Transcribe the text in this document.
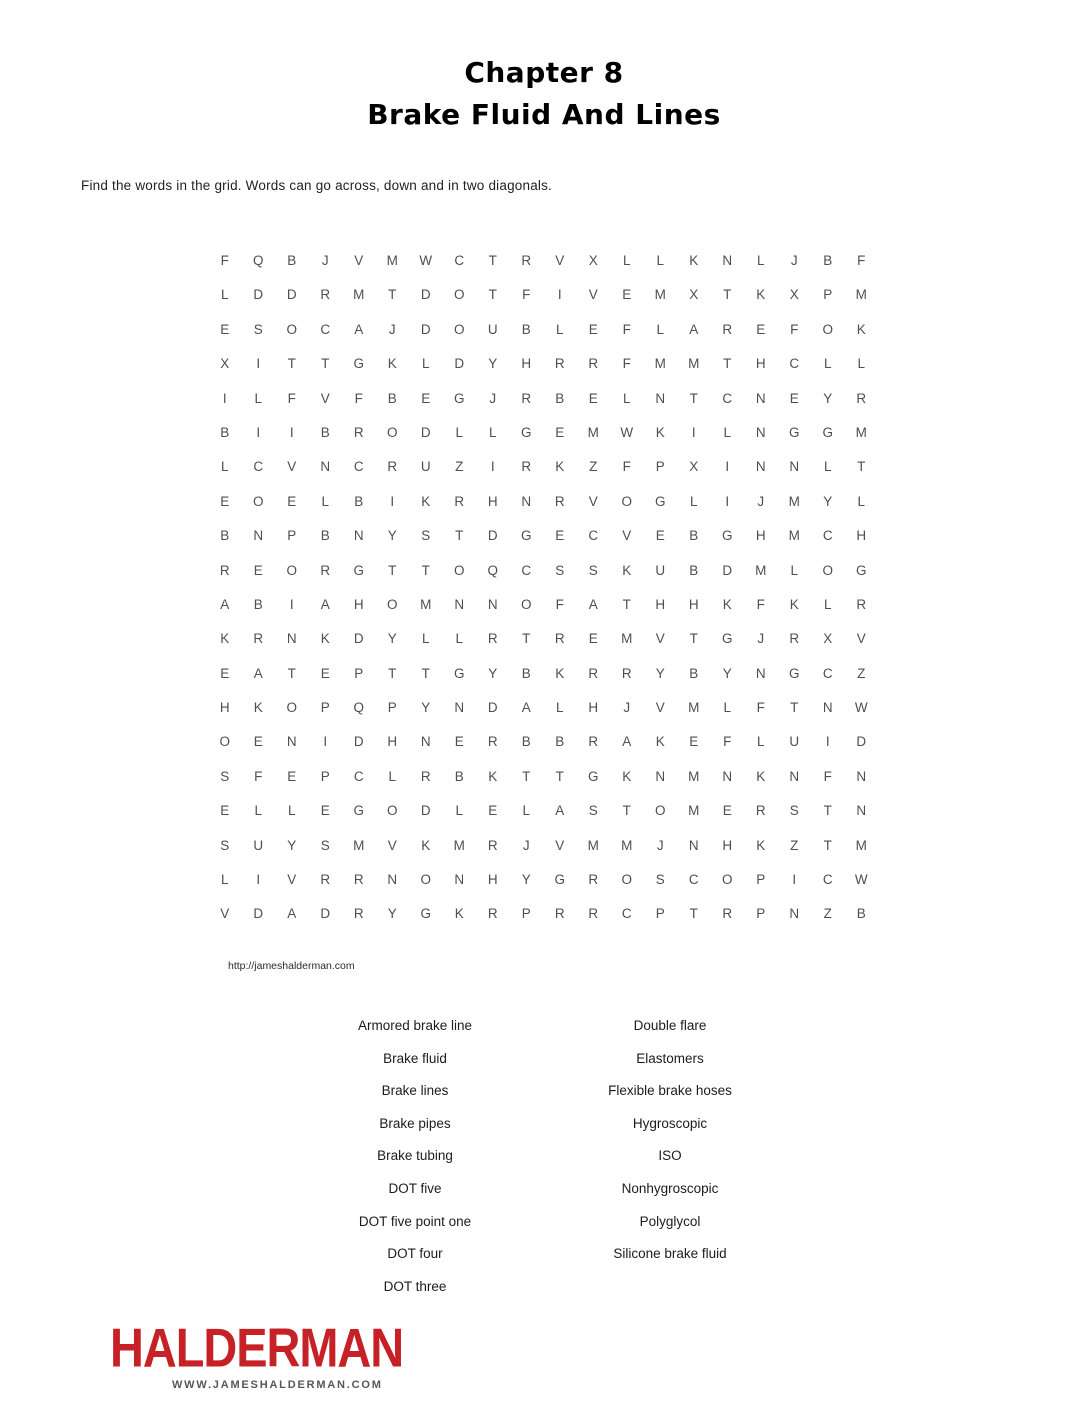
Chapter 8
Brake Fluid And Lines
Find the words in the grid. Words can go across, down and in two diagonals.
F	Q	B	J	V	M	W	C	T	R	V	X	L	L	K	N	L	J	B	F
L	D	D	R	M	T	D	O	T	F	I	V	E	M	X	T	K	X	P	M
E	S	O	C	A	J	D	O	U	B	L	E	F	L	A	R	E	F	O	K
X	I	T	T	G	K	L	D	Y	H	R	R	F	M	M	T	H	C	L	L
I	L	F	V	F	B	E	G	J	R	B	E	L	N	T	C	N	E	Y	R
B	I	I	B	R	O	D	L	L	G	E	M	W	K	I	L	N	G	G	M
L	C	V	N	C	R	U	Z	I	R	K	Z	F	P	X	I	N	N	L	T
E	O	E	L	B	I	K	R	H	N	R	V	O	G	L	I	J	M	Y	L
B	N	P	B	N	Y	S	T	D	G	E	C	V	E	B	G	H	M	C	H
R	E	O	R	G	T	T	O	Q	C	S	S	K	U	B	D	M	L	O	G
A	B	I	A	H	O	M	N	N	O	F	A	T	H	H	K	F	K	L	R
K	R	N	K	D	Y	L	L	R	T	R	E	M	V	T	G	J	R	X	V
E	A	T	E	P	T	T	G	Y	B	K	R	R	Y	B	Y	N	G	C	Z
H	K	O	P	Q	P	Y	N	D	A	L	H	J	V	M	L	F	T	N	W
O	E	N	I	D	H	N	E	R	B	B	R	A	K	E	F	L	U	I	D
S	F	E	P	C	L	R	B	K	T	T	G	K	N	M	N	K	N	F	N
E	L	L	E	G	O	D	L	E	L	A	S	T	O	M	E	R	S	T	N
S	U	Y	S	M	V	K	M	R	J	V	M	M	J	N	H	K	Z	T	M
L	I	V	R	R	N	O	N	H	Y	G	R	O	S	C	O	P	I	C	W
V	D	A	D	R	Y	G	K	R	P	R	R	C	P	T	R	P	N	Z	B
http://jameshalderman.com
Armored brake line
Brake fluid
Brake lines
Brake pipes
Brake tubing
DOT five
DOT five point one
DOT four
DOT three
Double flare
Elastomers
Flexible brake hoses
Hygroscopic
ISO
Nonhygroscopic
Polyglycol
Silicone brake fluid
HALDERMAN
WWW.JAMESHALDERMAN.COM
